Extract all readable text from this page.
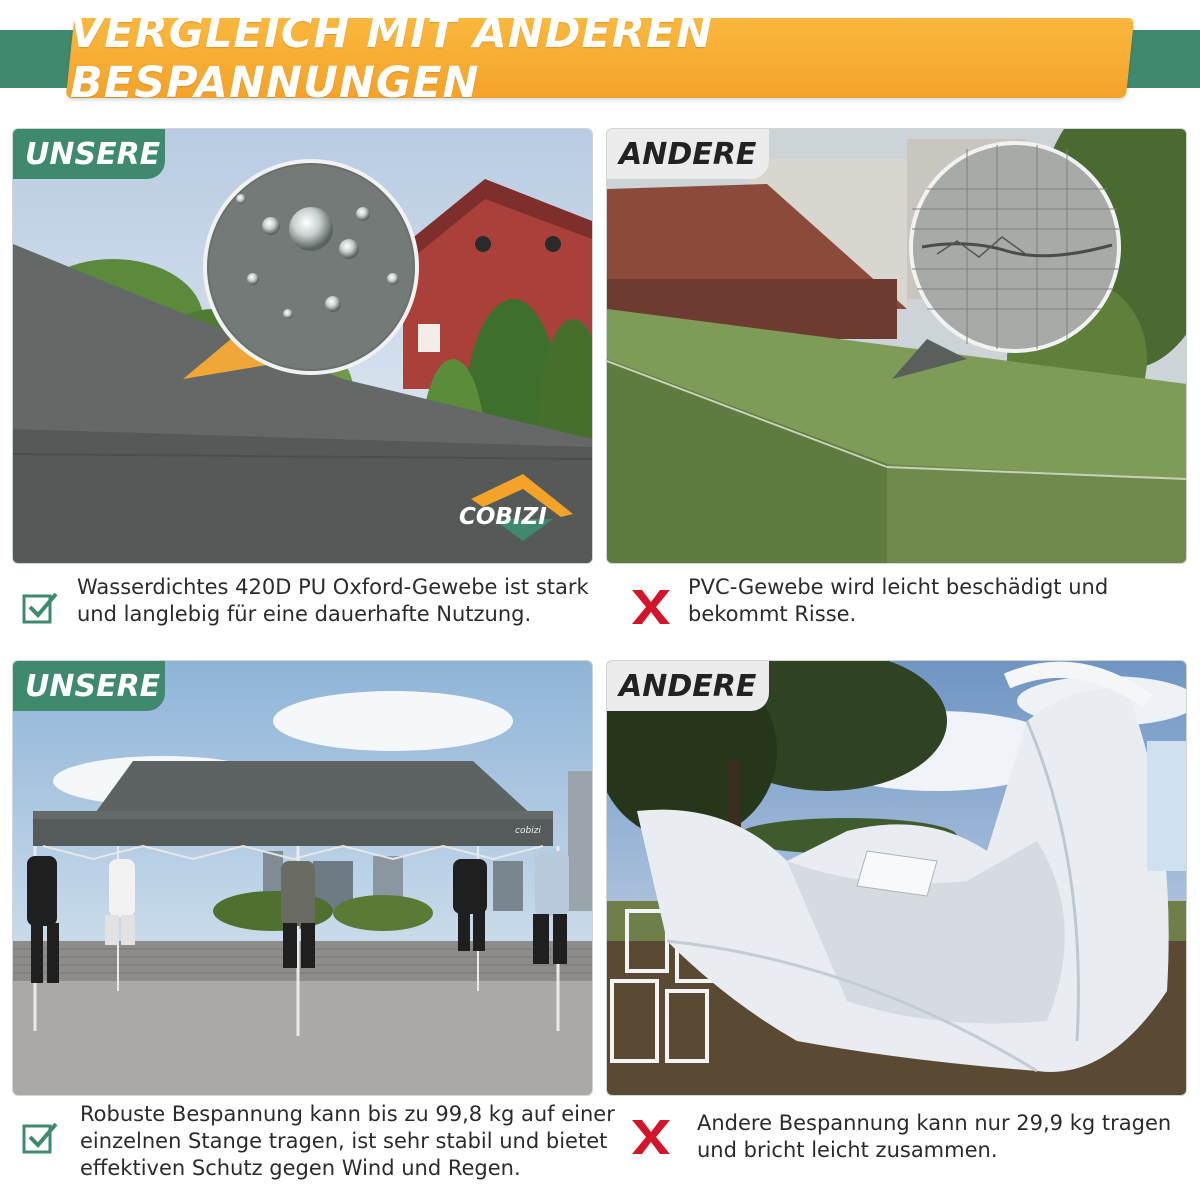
VERGLEICH MIT ANDEREN BESPANNUNGEN
COBIZI
UNSERE	ANDERE
Wasserdichtes 420D PU Oxford-Gewebe ist stark
und langlebig für eine dauerhafte Nutzung.
PVC-Gewebe wird leicht beschädigt und
bekommt Risse.
cobizi
UNSERE	ANDERE
Robuste Bespannung kann bis zu 99,8 kg auf einer
einzelnen Stange tragen, ist sehr stabil und bietet
effektiven Schutz gegen Wind und Regen.
Andere Bespannung kann nur 29,9 kg tragen
und bricht leicht zusammen.
